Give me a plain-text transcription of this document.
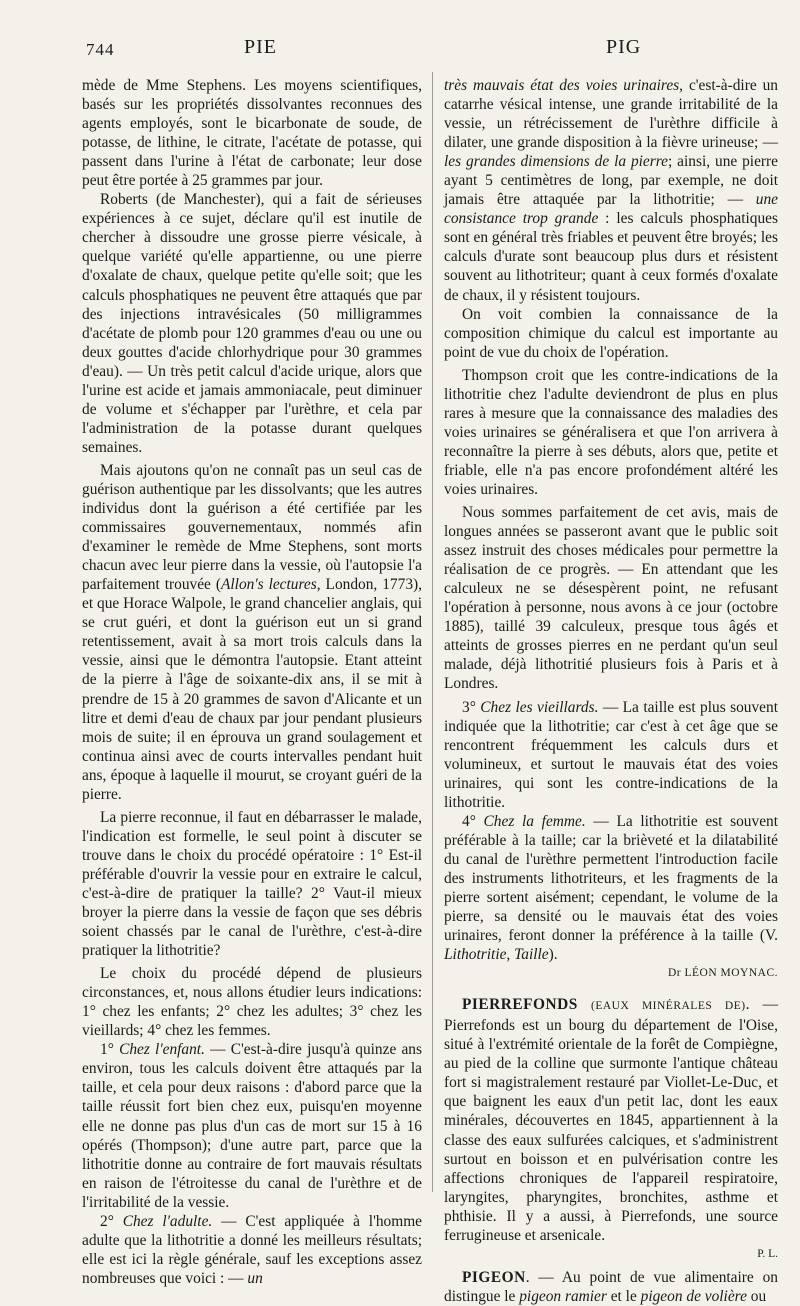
744	PIE	PIG

mède de Mme Stephens. Les moyens scientifiques, basés sur les propriétés dissolvantes reconnues des agents employés, sont le bicarbonate de soude, de potasse, de lithine, le citrate, l'acétate de potasse, qui passent dans l'urine à l'état de carbonate; leur dose peut être portée à 25 grammes par jour.

Roberts (de Manchester), qui a fait de sérieuses expériences à ce sujet, déclare qu'il est inutile de chercher à dissoudre une grosse pierre vésicale, à quelque variété qu'elle appartienne, ou une pierre d'oxalate de chaux, quelque petite qu'elle soit; que les calculs phosphatiques ne peuvent être attaqués que par des injections intravésicales (50 milligrammes d'acétate de plomb pour 120 grammes d'eau ou une ou deux gouttes d'acide chlorhydrique pour 30 grammes d'eau). — Un très petit calcul d'acide urique, alors que l'urine est acide et jamais ammoniacale, peut diminuer de volume et s'échapper par l'urèthre, et cela par l'administration de la potasse durant quelques semaines.

Mais ajoutons qu'on ne connaît pas un seul cas de guérison authentique par les dissolvants; que les autres individus dont la guérison a été certifiée par les commissaires gouvernementaux, nommés afin d'examiner le remède de Mme Stephens, sont morts chacun avec leur pierre dans la vessie, où l'autopsie l'a parfaitement trouvée (Allon's lectures, London, 1773), et que Horace Walpole, le grand chancelier anglais, qui se crut guéri, et dont la guérison eut un si grand retentissement, avait à sa mort trois calculs dans la vessie, ainsi que le démontra l'autopsie. Etant atteint de la pierre à l'âge de soixante-dix ans, il se mit à prendre de 15 à 20 grammes de savon d'Alicante et un litre et demi d'eau de chaux par jour pendant plusieurs mois de suite; il en éprouva un grand soulagement et continua ainsi avec de courts intervalles pendant huit ans, époque à laquelle il mourut, se croyant guéri de la pierre.

La pierre reconnue, il faut en débarrasser le malade, l'indication est formelle, le seul point à discuter se trouve dans le choix du procédé opératoire : 1° Est-il préférable d'ouvrir la vessie pour en extraire le calcul, c'est-à-dire de pratiquer la taille? 2° Vaut-il mieux broyer la pierre dans la vessie de façon que ses débris soient chassés par le canal de l'urèthre, c'est-à-dire pratiquer la lithotritie?

Le choix du procédé dépend de plusieurs circonstances, et, nous allons étudier leurs indications: 1° chez les enfants; 2° chez les adultes; 3° chez les vieillards; 4° chez les femmes.

1° Chez l'enfant. — C'est-à-dire jusqu'à quinze ans environ, tous les calculs doivent être attaqués par la taille, et cela pour deux raisons : d'abord parce que la taille réussit fort bien chez eux, puisqu'en moyenne elle ne donne pas plus d'un cas de mort sur 15 à 16 opérés (Thompson); d'une autre part, parce que la lithotritie donne au contraire de fort mauvais résultats en raison de l'étroitesse du canal de l'urèthre et de l'irritabilité de la vessie.

2° Chez l'adulte. — C'est appliquée à l'homme adulte que la lithotritie a donné les meilleurs résultats; elle est ici la règle générale, sauf les exceptions assez nombreuses que voici : — un

très mauvais état des voies urinaires, c'est-à-dire un catarrhe vésical intense, une grande irritabilité de la vessie, un rétrécissement de l'urèthre difficile à dilater, une grande disposition à la fièvre urineuse; — les grandes dimensions de la pierre; ainsi, une pierre ayant 5 centimètres de long, par exemple, ne doit jamais être attaquée par la lithotritie; — une consistance trop grande : les calculs phosphatiques sont en général très friables et peuvent être broyés; les calculs d'urate sont beaucoup plus durs et résistent souvent au lithotriteur; quant à ceux formés d'oxalate de chaux, il y résistent toujours.

On voit combien la connaissance de la composition chimique du calcul est importante au point de vue du choix de l'opération.

Thompson croit que les contre-indications de la lithotritie chez l'adulte deviendront de plus en plus rares à mesure que la connaissance des maladies des voies urinaires se généralisera et que l'on arrivera à reconnaître la pierre à ses débuts, alors que, petite et friable, elle n'a pas encore profondément altéré les voies urinaires.

Nous sommes parfaitement de cet avis, mais de longues années se passeront avant que le public soit assez instruit des choses médicales pour permettre la réalisation de ce progrès. — En attendant que les calculeux ne se désespèrent point, ne refusant l'opération à personne, nous avons à ce jour (octobre 1885), taillé 39 calculeux, presque tous âgés et atteints de grosses pierres en ne perdant qu'un seul malade, déjà lithotritié plusieurs fois à Paris et à Londres.

3° Chez les vieillards. — La taille est plus souvent indiquée que la lithotritie; car c'est à cet âge que se rencontrent fréquemment les calculs durs et volumineux, et surtout le mauvais état des voies urinaires, qui sont les contre-indications de la lithotritie.

4° Chez la femme. — La lithotritie est souvent préférable à la taille; car la brièveté et la dilatabilité du canal de l'urèthre permettent l'introduction facile des instruments lithotriteurs, et les fragments de la pierre sortent aisément; cependant, le volume de la pierre, sa densité ou le mauvais état des voies urinaires, feront donner la préférence à la taille (V. Lithotritie, Taille).

Dr LÉON MOYNAC.

PIERREFONDS (EAUX MINÉRALES DE). — Pierrefonds est un bourg du département de l'Oise, situé à l'extrémité orientale de la forêt de Compiègne, au pied de la colline que surmonte l'antique château fort si magistralement restauré par Viollet-Le-Duc, et que baignent les eaux d'un petit lac, dont les eaux minérales, découvertes en 1845, appartiennent à la classe des eaux sulfurées calciques, et s'administrent surtout en boisson et en pulvérisation contre les affections chroniques de l'appareil respiratoire, laryngites, pharyngites, bronchites, asthme et phthisie. Il y a aussi, à Pierrefonds, une source ferrugineuse et arsenicale.

P. L.

PIGEON. — Au point de vue alimentaire on distingue le pigeon ramier et le pigeon de volière ou
